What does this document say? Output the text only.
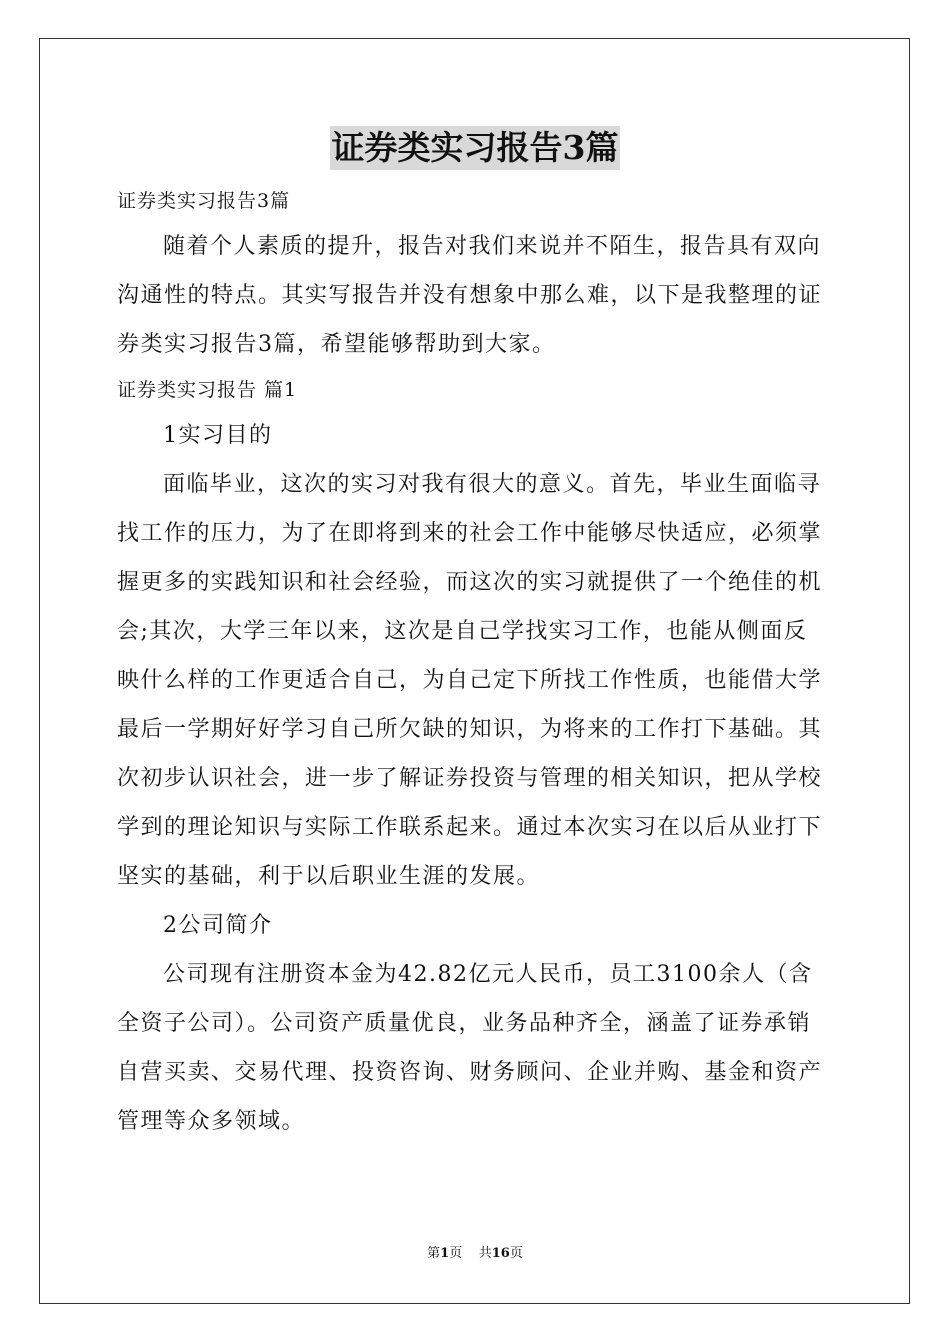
证券类实习报告3篇
证券类实习报告3篇
随着个人素质的提升，报告对我们来说并不陌生，报告具有双向
沟通性的特点。其实写报告并没有想象中那么难，以下是我整理的证
券类实习报告3篇，希望能够帮助到大家。
证券类实习报告 篇1
1实习目的
面临毕业，这次的实习对我有很大的意义。首先，毕业生面临寻
找工作的压力，为了在即将到来的社会工作中能够尽快适应，必须掌
握更多的实践知识和社会经验，而这次的实习就提供了一个绝佳的机
会;其次，大学三年以来，这次是自己学找实习工作，也能从侧面反
映什么样的工作更适合自己，为自己定下所找工作性质，也能借大学
最后一学期好好学习自己所欠缺的知识，为将来的工作打下基础。其
次初步认识社会，进一步了解证券投资与管理的相关知识，把从学校
学到的理论知识与实际工作联系起来。通过本次实习在以后从业打下
坚实的基础，利于以后职业生涯的发展。
2公司简介
公司现有注册资本金为42.82亿元人民币，员工3100余人（含
全资子公司）。公司资产质量优良，业务品种齐全，涵盖了证券承销
自营买卖、交易代理、投资咨询、财务顾问、企业并购、基金和资产
管理等众多领域。
第1页 共16页
